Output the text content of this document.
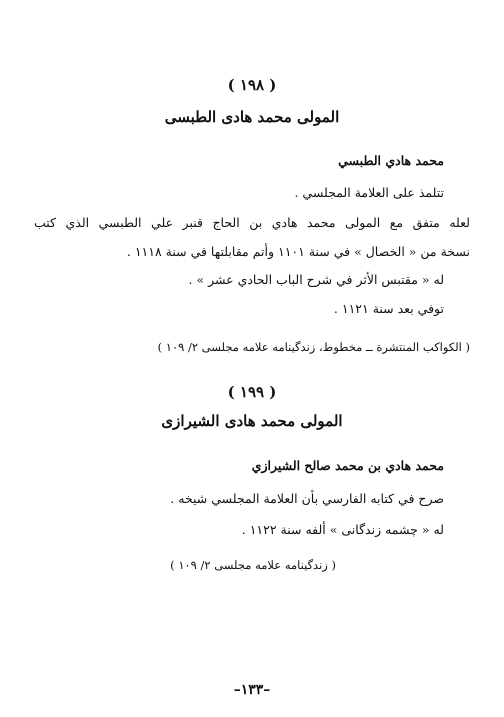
( ١٩٨ )
المولى محمد هادى الطبسى
محمد هادي الطبسي
تتلمذ على العلامة المجلسي .
لعله متفق مع المولى محمد هادي بن الحاج قنبر علي الطبسي الذي كتب
نسخة من « الخصال » في سنة ١١٠١ وأتم مقابلتها في سنة ١١١٨ .
له « مقتبس الأثر في شرح الباب الحادي عشر » .
توفي بعد سنة ١١٢١ .
( الكواكب المنتشرة ــ مخطوط، زندگينامه علامه مجلسى ٢/ ١٠٩ )
( ١٩٩ )
المولى محمد هادى الشيرازى
محمد هادي بن محمد صالح الشيرازي
صرح في كتابه الفارسي بأن العلامة المجلسي شيخه .
له « چشمه زندگانى » ألفه سنة ١١٢٢ .
( زندگينامه علامه مجلسى ٢/ ١٠٩ )
–١٣٣–
